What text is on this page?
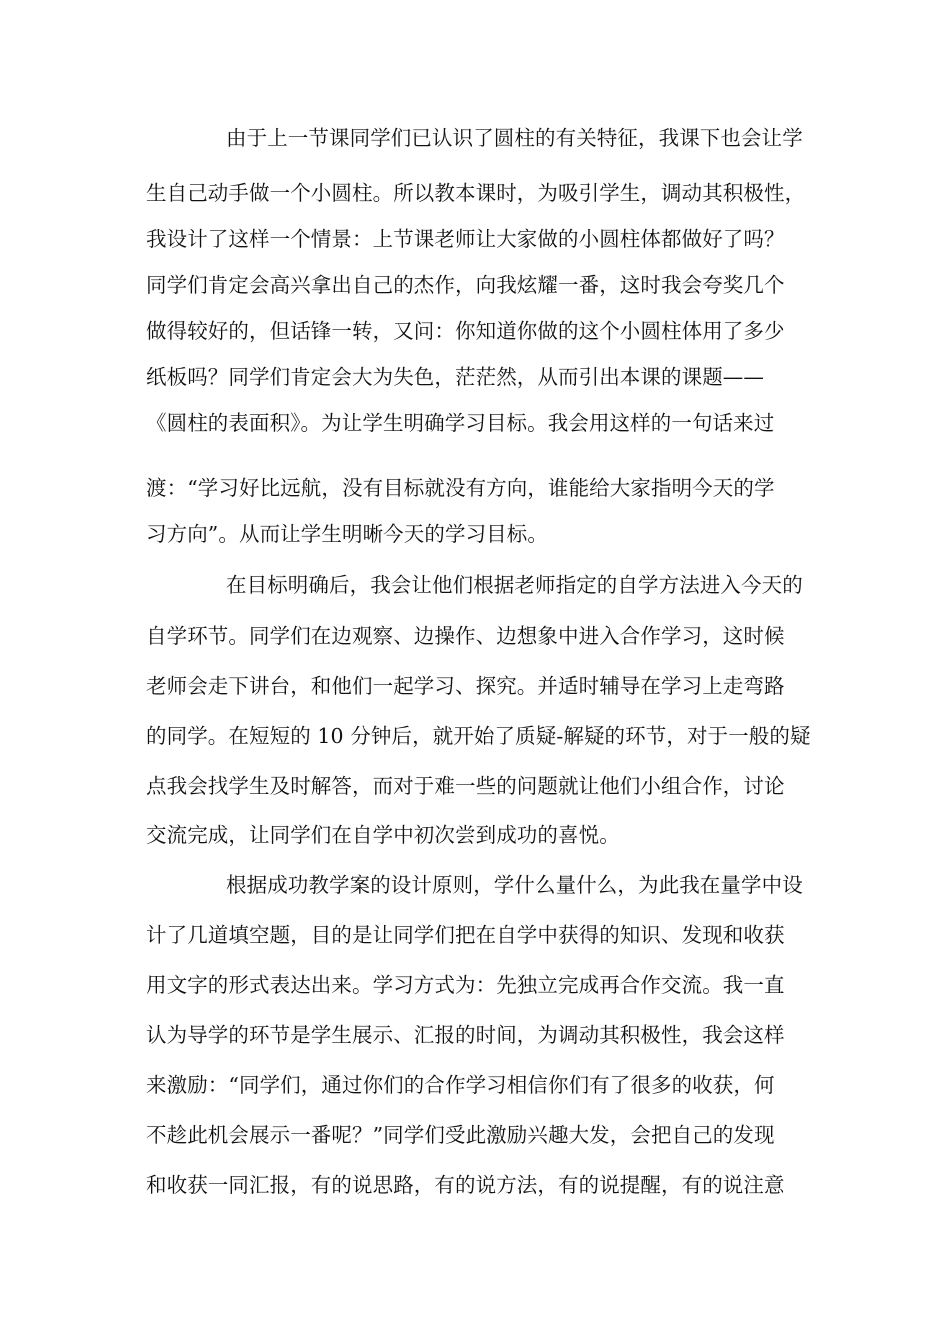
由于上一节课同学们已认识了圆柱的有关特征，我课下也会让学
生自己动手做一个小圆柱。所以教本课时，为吸引学生，调动其积极性，
我设计了这样一个情景：上节课老师让大家做的小圆柱体都做好了吗？
同学们肯定会高兴拿出自己的杰作，向我炫耀一番，这时我会夸奖几个
做得较好的，但话锋一转，又问：你知道你做的这个小圆柱体用了多少
纸板吗？同学们肯定会大为失色，茫茫然，从而引出本课的课题——
《圆柱的表面积》。为让学生明确学习目标。我会用这样的一句话来过
渡：“学习好比远航，没有目标就没有方向，谁能给大家指明今天的学
习方向”。从而让学生明晰今天的学习目标。
在目标明确后，我会让他们根据老师指定的自学方法进入今天的
自学环节。同学们在边观察、边操作、边想象中进入合作学习，这时候
老师会走下讲台，和他们一起学习、探究。并适时辅导在学习上走弯路
的同学。在短短的 10 分钟后，就开始了质疑-解疑的环节，对于一般的疑
点我会找学生及时解答，而对于难一些的问题就让他们小组合作，讨论
交流完成，让同学们在自学中初次尝到成功的喜悦。
根据成功教学案的设计原则，学什么量什么，为此我在量学中设
计了几道填空题，目的是让同学们把在自学中获得的知识、发现和收获
用文字的形式表达出来。学习方式为：先独立完成再合作交流。我一直
认为导学的环节是学生展示、汇报的时间，为调动其积极性，我会这样
来激励：“同学们，通过你们的合作学习相信你们有了很多的收获，何
不趁此机会展示一番呢？”同学们受此激励兴趣大发，会把自己的发现
和收获一同汇报，有的说思路，有的说方法，有的说提醒，有的说注意
